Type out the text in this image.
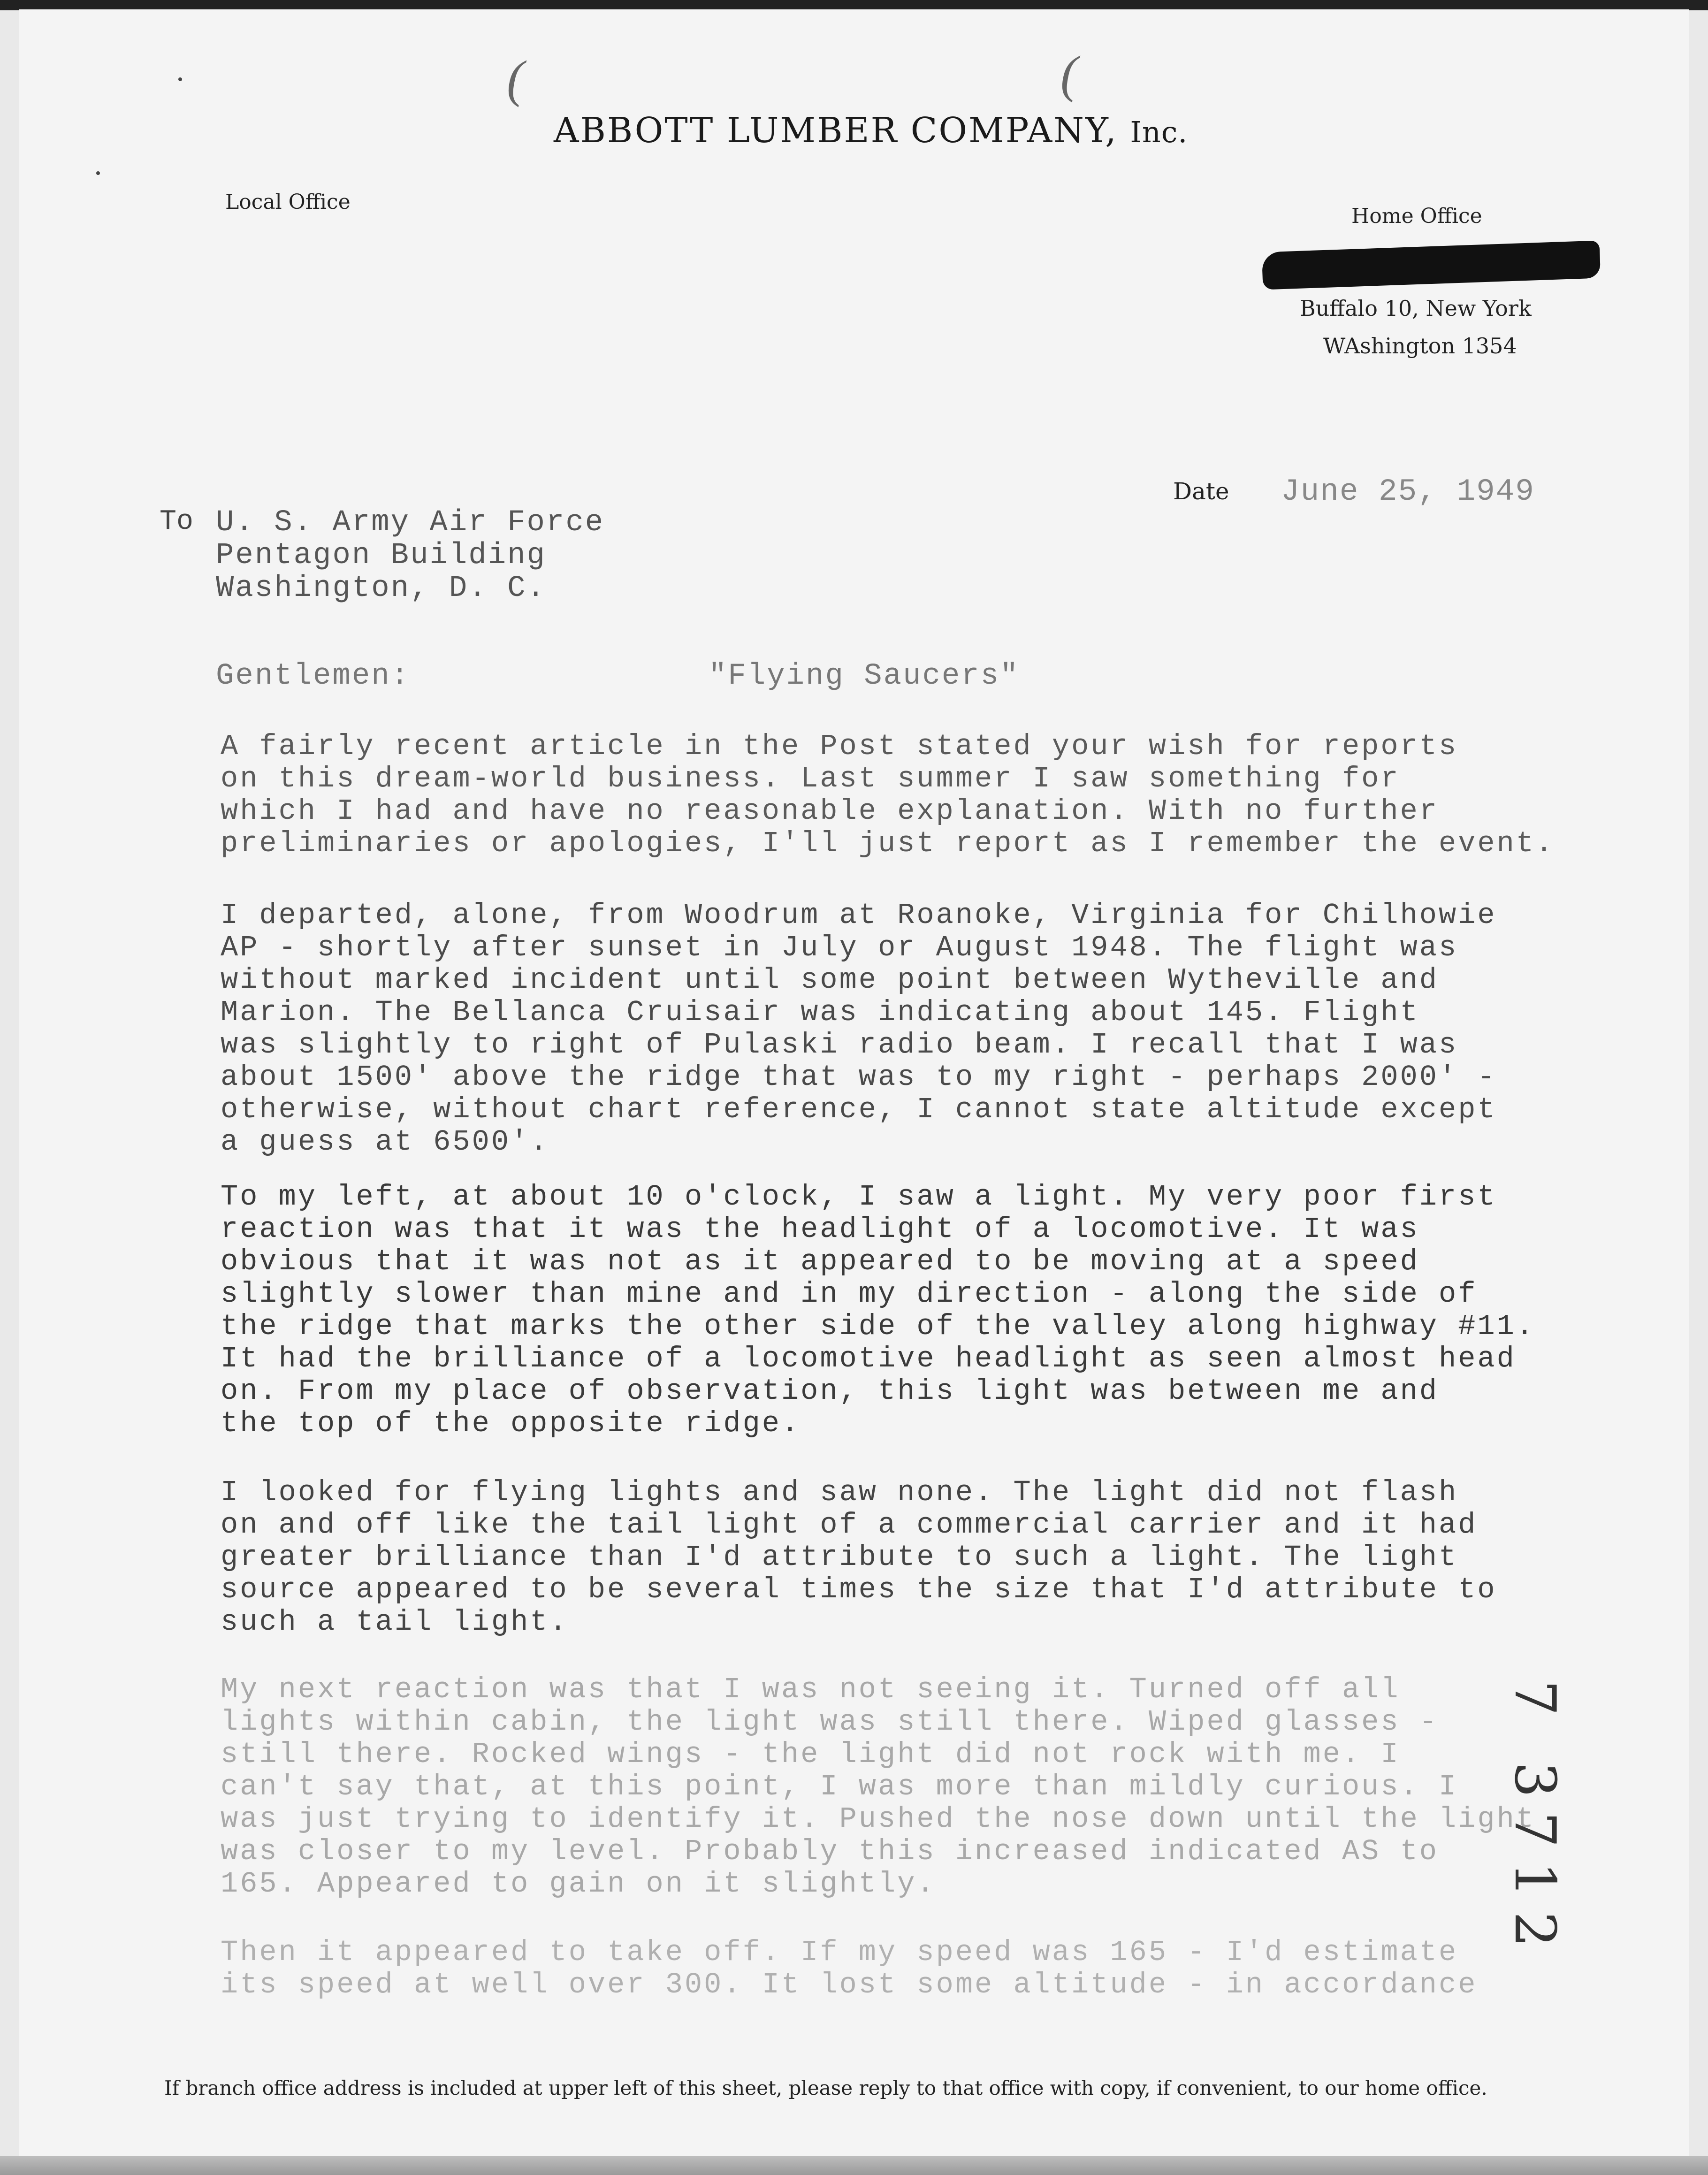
(	(
ABBOTT LUMBER COMPANY, Inc.
Local Office
Home Office
Buffalo 10, New York
WAshington 1354
Date June 25, 1949
To U. S. Army Air Force
Pentagon Building
Washington, D. C.
Gentlemen:	"Flying Saucers"
A fairly recent article in the Post stated your wish for reports
on this dream-world business. Last summer I saw something for
which I had and have no reasonable explanation. With no further
preliminaries or apologies, I'll just report as I remember the event.
I departed, alone, from Woodrum at Roanoke, Virginia for Chilhowie
AP - shortly after sunset in July or August 1948. The flight was
without marked incident until some point between Wytheville and
Marion. The Bellanca Cruisair was indicating about 145. Flight
was slightly to right of Pulaski radio beam. I recall that I was
about 1500' above the ridge that was to my right - perhaps 2000' -
otherwise, without chart reference, I cannot state altitude except
a guess at 6500'.
To my left, at about 10 o'clock, I saw a light. My very poor first
reaction was that it was the headlight of a locomotive. It was
obvious that it was not as it appeared to be moving at a speed
slightly slower than mine and in my direction - along the side of
the ridge that marks the other side of the valley along highway #11.
It had the brilliance of a locomotive headlight as seen almost head
on. From my place of observation, this light was between me and
the top of the opposite ridge.
I looked for flying lights and saw none. The light did not flash
on and off like the tail light of a commercial carrier and it had
greater brilliance than I'd attribute to such a light. The light
source appeared to be several times the size that I'd attribute to
such a tail light.
My next reaction was that I was not seeing it. Turned off all
lights within cabin, the light was still there. Wiped glasses -
still there. Rocked wings - the light did not rock with me. I
can't say that, at this point, I was more than mildly curious. I
was just trying to identify it. Pushed the nose down until the light
was closer to my level. Probably this increased indicated AS to
165. Appeared to gain on it slightly.
Then it appeared to take off. If my speed was 165 - I'd estimate
its speed at well over 300. It lost some altitude - in accordance
7 3712
If branch office address is included at upper left of this sheet, please reply to that office with copy, if convenient, to our home office.
